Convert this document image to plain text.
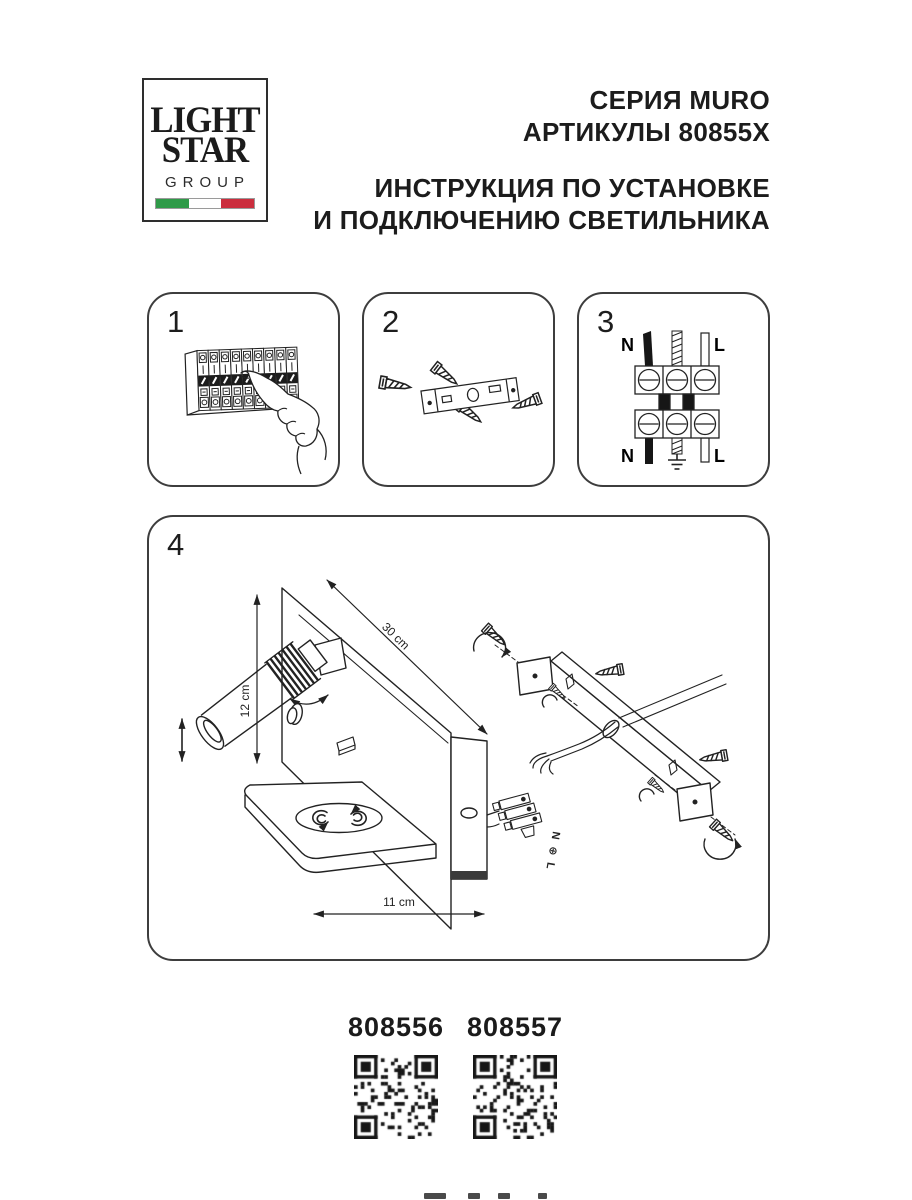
LIGHT
STAR
GROUP
СЕРИЯ MURO
АРТИКУЛЫ 80855X
ИНСТРУКЦИЯ ПО УСТАНОВКЕ
И ПОДКЛЮЧЕНИЮ СВЕТИЛЬНИКА
1	2	3
N	L
N	L
4
30 cm
12 cm
11 cm
N ⊕ L
808556 808557
